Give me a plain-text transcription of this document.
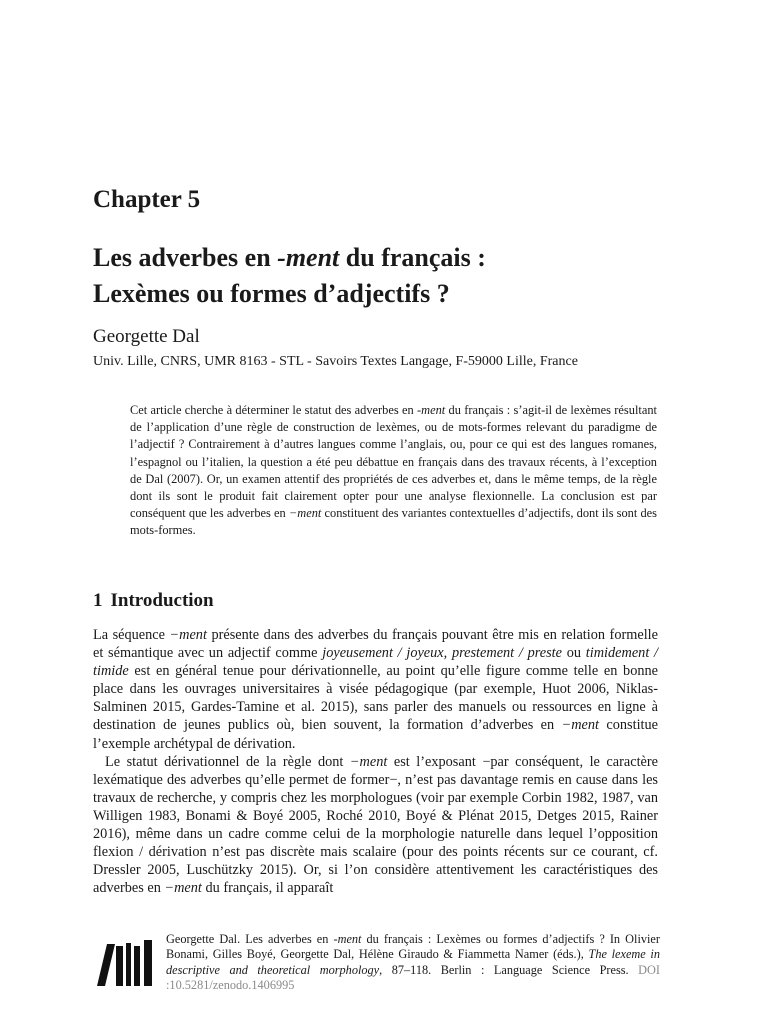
Chapter 5
Les adverbes en -ment du français :
Lexèmes ou formes d’adjectifs ?

Georgette Dal

Univ. Lille, CNRS, UMR 8163 - STL - Savoirs Textes Langage, F-59000 Lille, France

Cet article cherche à déterminer le statut des adverbes en -ment du français : s’agit-il de lexèmes résultant de l’application d’une règle de construction de lexèmes, ou de mots-formes relevant du paradigme de l’adjectif ? Contrairement à d’autres langues comme l’anglais, ou, pour ce qui est des langues romanes, l’espagnol ou l’italien, la question a été peu débattue en français dans des travaux récents, à l’exception de Dal (2007). Or, un examen attentif des propriétés de ces adverbes et, dans le même temps, de la règle dont ils sont le produit fait clairement opter pour une analyse flexionnelle. La conclusion est par conséquent que les adverbes en −ment constituent des variantes contextuelles d’adjectifs, dont ils sont des mots-formes.

1 Introduction

La séquence −ment présente dans des adverbes du français pouvant être mis en relation formelle et sémantique avec un adjectif comme joyeusement / joyeux, prestement / preste ou timidement / timide est en général tenue pour dérivationnelle, au point qu’elle figure comme telle en bonne place dans les ouvrages universitaires à visée pédagogique (par exemple, Huot 2006, Niklas-Salminen 2015, Gardes-Tamine et al. 2015), sans parler des manuels ou ressources en ligne à destination de jeunes publics où, bien souvent, la formation d’adverbes en −ment constitue l’exemple archétypal de dérivation.

Le statut dérivationnel de la règle dont −ment est l’exposant −par conséquent, le caractère lexématique des adverbes qu’elle permet de former−, n’est pas davantage remis en cause dans les travaux de recherche, y compris chez les morphologues (voir par exemple Corbin 1982, 1987, van Willigen 1983, Bonami & Boyé 2005, Roché 2010, Boyé & Plénat 2015, Detges 2015, Rainer 2016), même dans un cadre comme celui de la morphologie naturelle dans lequel l’opposition flexion / dérivation n’est pas discrète mais scalaire (pour des points récents sur ce courant, cf. Dressler 2005, Luschützky 2015). Or, si l’on considère attentivement les caractéristiques des adverbes en −ment du français, il apparaît

Georgette Dal. Les adverbes en -ment du français : Lexèmes ou formes d’adjectifs ? In Olivier Bonami, Gilles Boyé, Georgette Dal, Hélène Giraudo & Fiammetta Namer (éds.), The lexeme in descriptive and theoretical morphology, 87–118. Berlin : Language Science Press. DOI :10.5281/zenodo.1406995
